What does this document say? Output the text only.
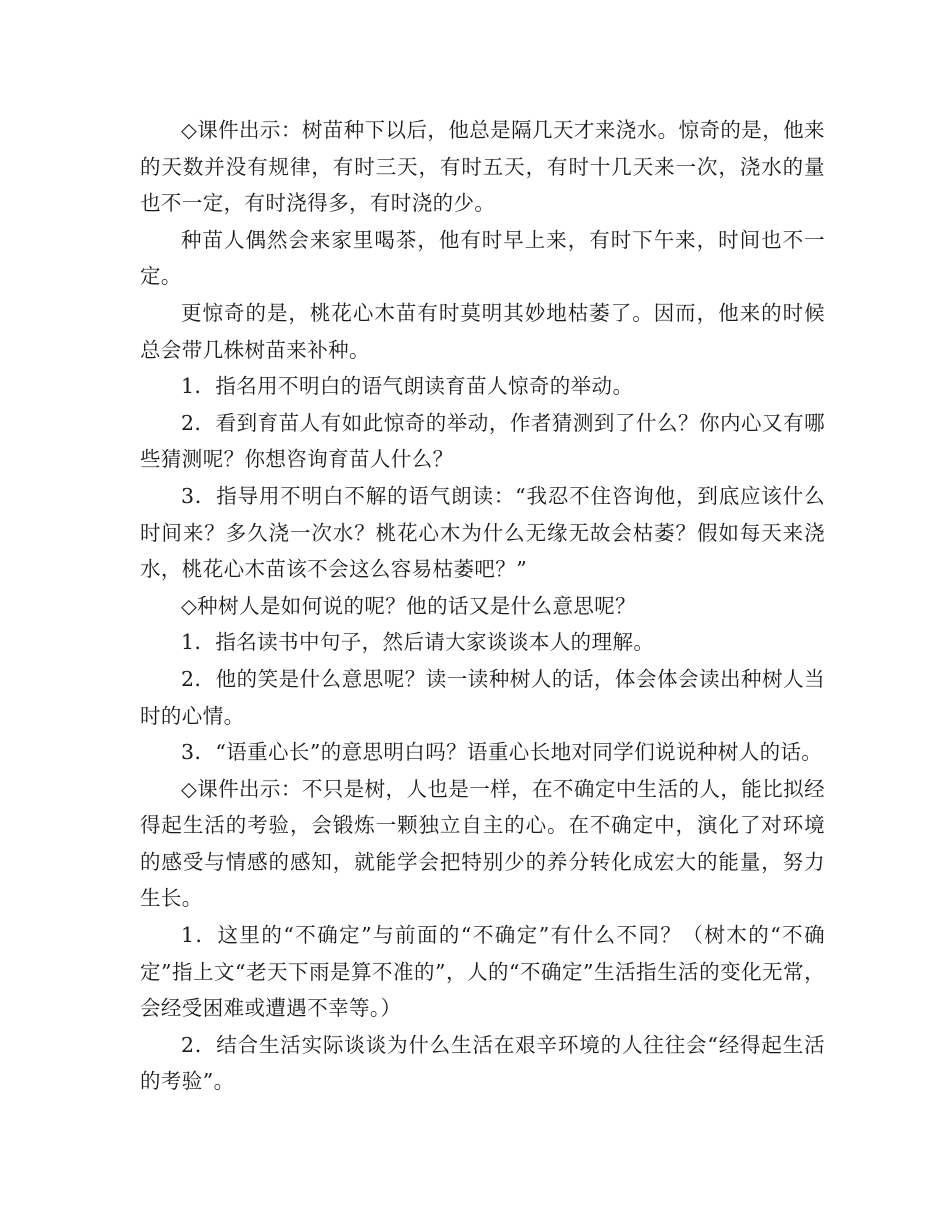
◇课件出示：树苗种下以后，他总是隔几天才来浇水。惊奇的是，他来的天数并没有规律，有时三天，有时五天，有时十几天来一次，浇水的量也不一定，有时浇得多，有时浇的少。

种苗人偶然会来家里喝茶，他有时早上来，有时下午来，时间也不一定。

更惊奇的是，桃花心木苗有时莫明其妙地枯萎了。因而，他来的时候总会带几株树苗来补种。

1．指名用不明白的语气朗读育苗人惊奇的举动。

2．看到育苗人有如此惊奇的举动，作者猜测到了什么？你内心又有哪些猜测呢？你想咨询育苗人什么？

3．指导用不明白不解的语气朗读：“我忍不住咨询他，到底应该什么时间来？多久浇一次水？桃花心木为什么无缘无故会枯萎？假如每天来浇水，桃花心木苗该不会这么容易枯萎吧？”

◇种树人是如何说的呢？他的话又是什么意思呢？

1．指名读书中句子，然后请大家谈谈本人的理解。

2．他的笑是什么意思呢？读一读种树人的话，体会体会读出种树人当时的心情。

3．“语重心长”的意思明白吗？语重心长地对同学们说说种树人的话。

◇课件出示：不只是树，人也是一样，在不确定中生活的人，能比拟经得起生活的考验，会锻炼一颗独立自主的心。在不确定中，演化了对环境的感受与情感的感知，就能学会把特别少的养分转化成宏大的能量，努力生长。

1．这里的“不确定”与前面的“不确定”有什么不同？（树木的“不确定”指上文“老天下雨是算不准的”，人的“不确定”生活指生活的变化无常，会经受困难或遭遇不幸等。）

2．结合生活实际谈谈为什么生活在艰辛环境的人往往会“经得起生活的考验”。
